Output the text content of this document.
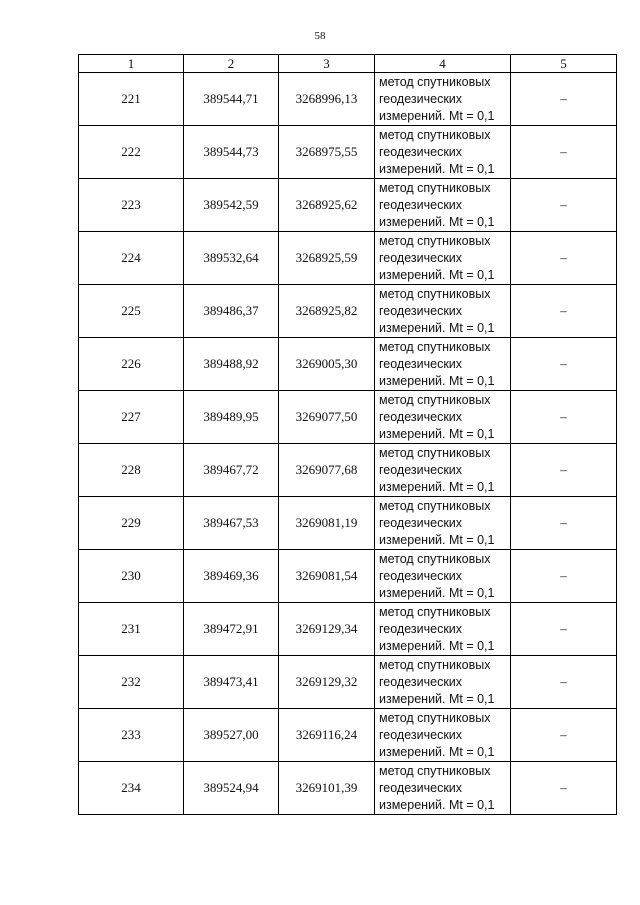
58
1	2	3	4	5
221	389544,71	3268996,13	метод спутниковых
геодезических
измерений. Mt = 0,1	–
222	389544,73	3268975,55	метод спутниковых
геодезических
измерений. Mt = 0,1	–
223	389542,59	3268925,62	метод спутниковых
геодезических
измерений. Mt = 0,1	–
224	389532,64	3268925,59	метод спутниковых
геодезических
измерений. Mt = 0,1	–
225	389486,37	3268925,82	метод спутниковых
геодезических
измерений. Mt = 0,1	–
226	389488,92	3269005,30	метод спутниковых
геодезических
измерений. Mt = 0,1	–
227	389489,95	3269077,50	метод спутниковых
геодезических
измерений. Mt = 0,1	–
228	389467,72	3269077,68	метод спутниковых
геодезических
измерений. Mt = 0,1	–
229	389467,53	3269081,19	метод спутниковых
геодезических
измерений. Mt = 0,1	–
230	389469,36	3269081,54	метод спутниковых
геодезических
измерений. Mt = 0,1	–
231	389472,91	3269129,34	метод спутниковых
геодезических
измерений. Mt = 0,1	–
232	389473,41	3269129,32	метод спутниковых
геодезических
измерений. Mt = 0,1	–
233	389527,00	3269116,24	метод спутниковых
геодезических
измерений. Mt = 0,1	–
234	389524,94	3269101,39	метод спутниковых
геодезических
измерений. Mt = 0,1	–
